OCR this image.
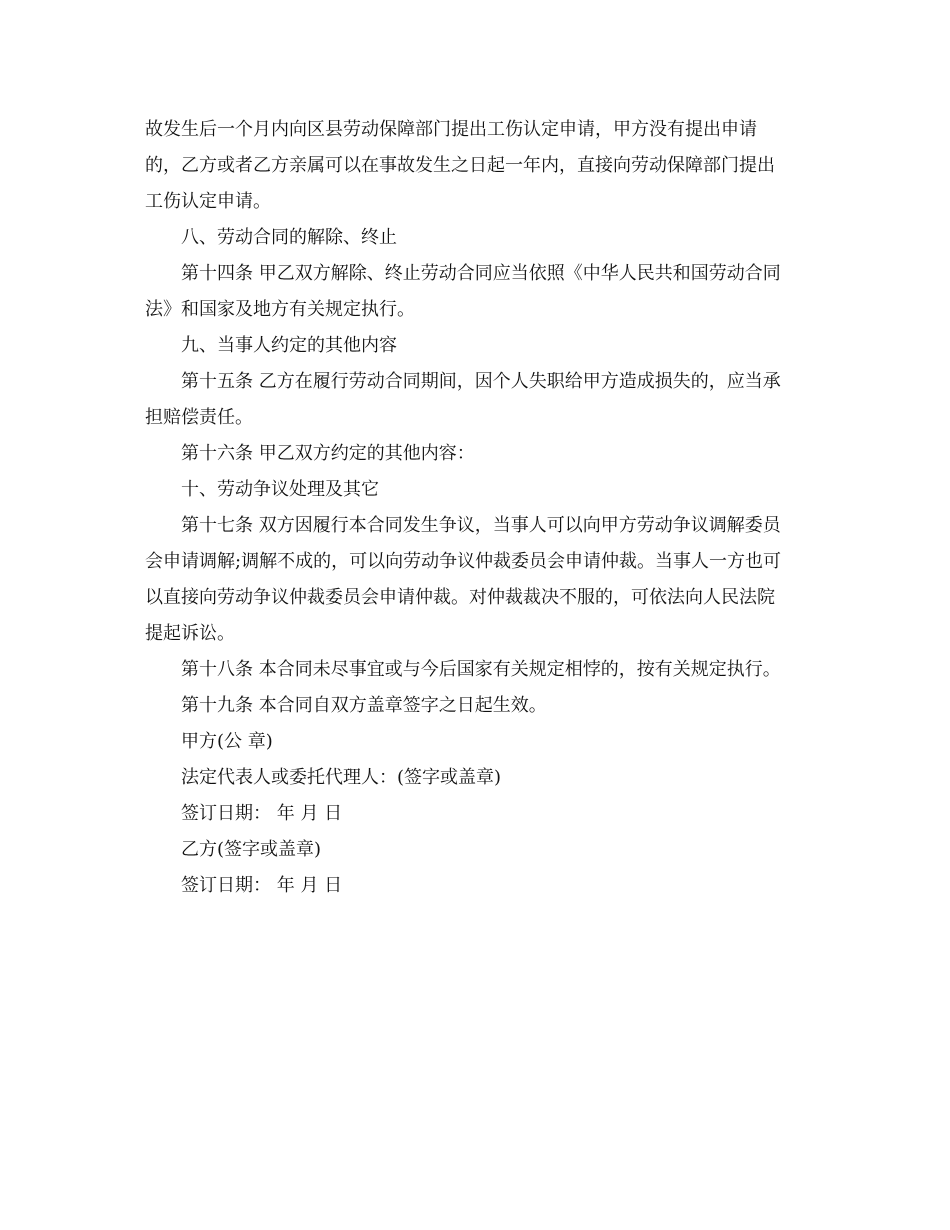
故发生后一个月内向区县劳动保障部门提出工伤认定申请，甲方没有提出申请
的，乙方或者乙方亲属可以在事故发生之日起一年内，直接向劳动保障部门提出
工伤认定申请。

八、劳动合同的解除、终止

第十四条 甲乙双方解除、终止劳动合同应当依照《中华人民共和国劳动合同
法》和国家及地方有关规定执行。

九、当事人约定的其他内容

第十五条 乙方在履行劳动合同期间，因个人失职给甲方造成损失的，应当承
担赔偿责任。

第十六条 甲乙双方约定的其他内容：

十、劳动争议处理及其它

第十七条 双方因履行本合同发生争议，当事人可以向甲方劳动争议调解委员
会申请调解;调解不成的，可以向劳动争议仲裁委员会申请仲裁。当事人一方也可
以直接向劳动争议仲裁委员会申请仲裁。对仲裁裁决不服的，可依法向人民法院
提起诉讼。

第十八条 本合同未尽事宜或与今后国家有关规定相悖的，按有关规定执行。

第十九条 本合同自双方盖章签字之日起生效。

甲方(公 章)

法定代表人或委托代理人：(签字或盖章)

签订日期： 年 月 日

乙方(签字或盖章)

签订日期： 年 月 日
